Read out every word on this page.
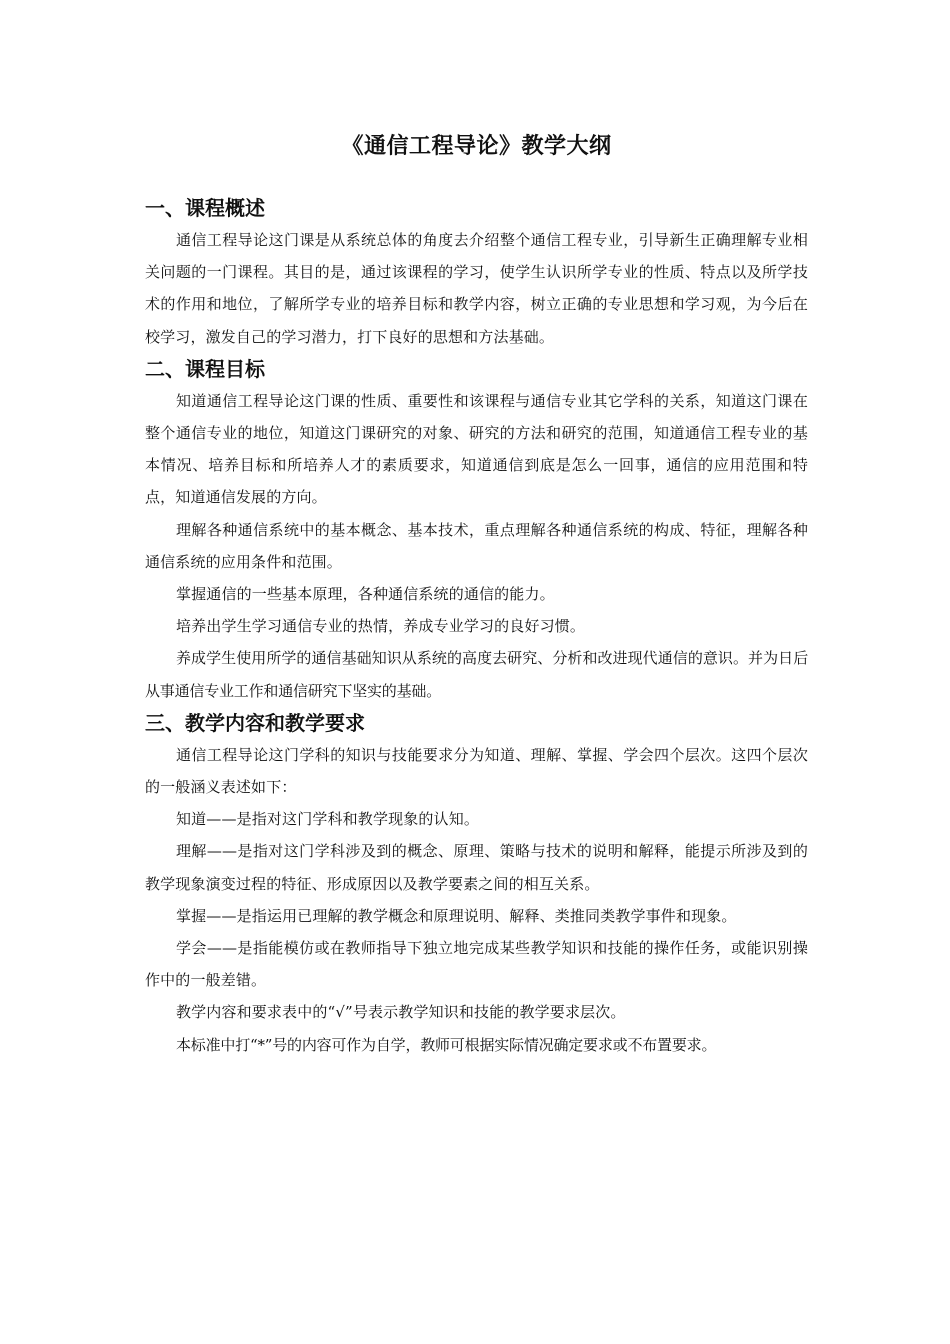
《通信工程导论》教学大纲
一、课程概述

通信工程导论这门课是从系统总体的角度去介绍整个通信工程专业，引导新生正确理解专业相关问题的一门课程。其目的是，通过该课程的学习，使学生认识所学专业的性质、特点以及所学技术的作用和地位，了解所学专业的培养目标和教学内容，树立正确的专业思想和学习观，为今后在校学习，激发自己的学习潜力，打下良好的思想和方法基础。

二、课程目标

知道通信工程导论这门课的性质、重要性和该课程与通信专业其它学科的关系，知道这门课在整个通信专业的地位，知道这门课研究的对象、研究的方法和研究的范围，知道通信工程专业的基本情况、培养目标和所培养人才的素质要求，知道通信到底是怎么一回事，通信的应用范围和特点，知道通信发展的方向。

理解各种通信系统中的基本概念、基本技术，重点理解各种通信系统的构成、特征，理解各种通信系统的应用条件和范围。

掌握通信的一些基本原理，各种通信系统的通信的能力。

培养出学生学习通信专业的热情，养成专业学习的良好习惯。

养成学生使用所学的通信基础知识从系统的高度去研究、分析和改进现代通信的意识。并为日后从事通信专业工作和通信研究下坚实的基础。

三、教学内容和教学要求

通信工程导论这门学科的知识与技能要求分为知道、理解、掌握、学会四个层次。这四个层次的一般涵义表述如下：

知道——是指对这门学科和教学现象的认知。

理解——是指对这门学科涉及到的概念、原理、策略与技术的说明和解释，能提示所涉及到的教学现象演变过程的特征、形成原因以及教学要素之间的相互关系。

掌握——是指运用已理解的教学概念和原理说明、解释、类推同类教学事件和现象。

学会——是指能模仿或在教师指导下独立地完成某些教学知识和技能的操作任务，或能识别操作中的一般差错。

教学内容和要求表中的“√”号表示教学知识和技能的教学要求层次。

本标准中打“*”号的内容可作为自学，教师可根据实际情况确定要求或不布置要求。
